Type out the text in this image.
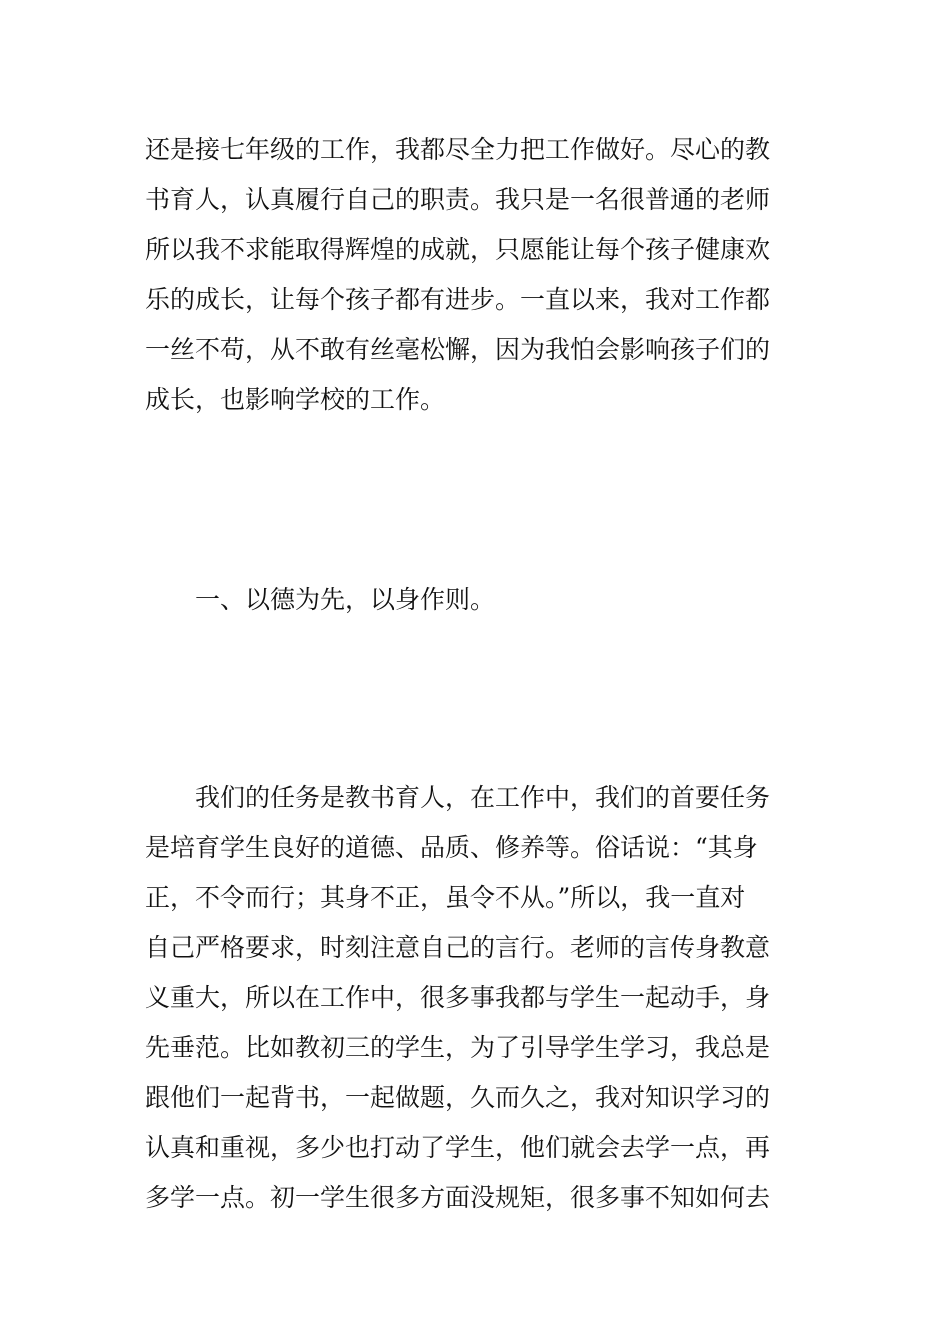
还是接七年级的工作，我都尽全力把工作做好。尽心的教
书育人，认真履行自己的职责。我只是一名很普通的老师
所以我不求能取得辉煌的成就，只愿能让每个孩子健康欢
乐的成长，让每个孩子都有进步。一直以来，我对工作都
一丝不苟，从不敢有丝毫松懈，因为我怕会影响孩子们的
成长，也影响学校的工作。
一、以德为先，以身作则。
我们的任务是教书育人，在工作中，我们的首要任务
是培育学生良好的道德、品质、修养等。俗话说：“其身
正，不令而行；其身不正，虽令不从。”所以，我一直对
自己严格要求，时刻注意自己的言行。老师的言传身教意
义重大，所以在工作中，很多事我都与学生一起动手，身
先垂范。比如教初三的学生，为了引导学生学习，我总是
跟他们一起背书，一起做题，久而久之，我对知识学习的
认真和重视，多少也打动了学生，他们就会去学一点，再
多学一点。初一学生很多方面没规矩，很多事不知如何去
